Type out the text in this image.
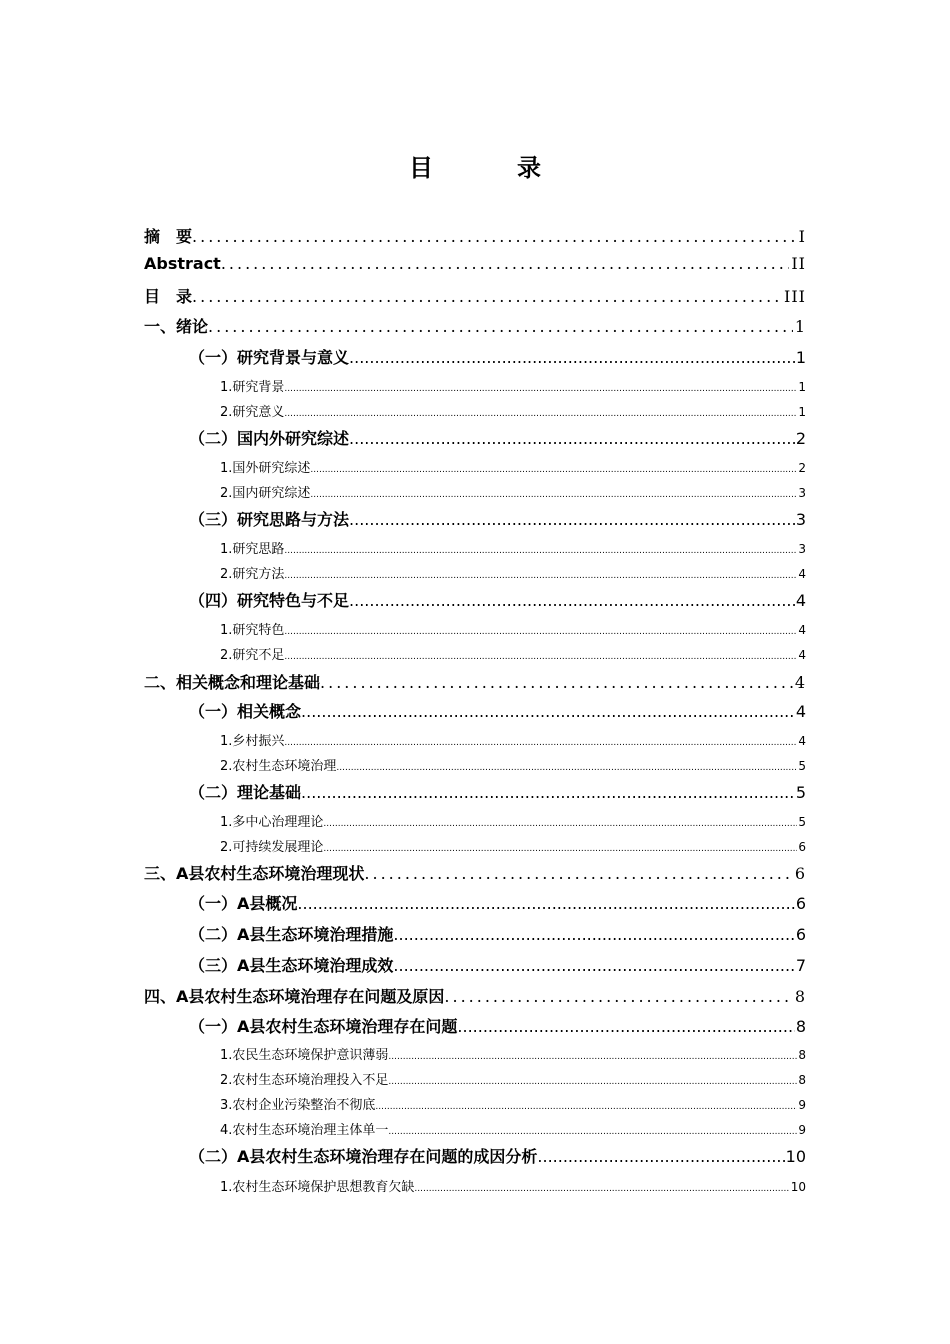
目　录
摘　要 .....	I
Abstract .....	II
目　录 .....	III
一、绪论 .....	1
（一）研究背景与意义 .....	1
1.研究背景 .....	1
2.研究意义 .....	1
（二）国内外研究综述 .....	2
1.国外研究综述 .....	2
2.国内研究综述 .....	3
（三）研究思路与方法 .....	3
1.研究思路 .....	3
2.研究方法 .....	4
（四）研究特色与不足 .....	4
1.研究特色 .....	4
2.研究不足 .....	4
二、相关概念和理论基础 .....	4
（一）相关概念 .....	4
1.乡村振兴 .....	4
2.农村生态环境治理 .....	5
（二）理论基础 .....	5
1.多中心治理理论 .....	5
2.可持续发展理论 .....	6
三、A县农村生态环境治理现状 .....	6
（一）A县概况 .....	6
（二）A县生态环境治理措施 .....	6
（三）A县生态环境治理成效 .....	7
四、A县农村生态环境治理存在问题及原因 .....	8
（一）A县农村生态环境治理存在问题 .....	8
1.农民生态环境保护意识薄弱 .....	8
2.农村生态环境治理投入不足 .....	8
3.农村企业污染整治不彻底 .....	9
4.农村生态环境治理主体单一 .....	9
（二）A县农村生态环境治理存在问题的成因分析 .....	10
1.农村生态环境保护思想教育欠缺 .....	10
